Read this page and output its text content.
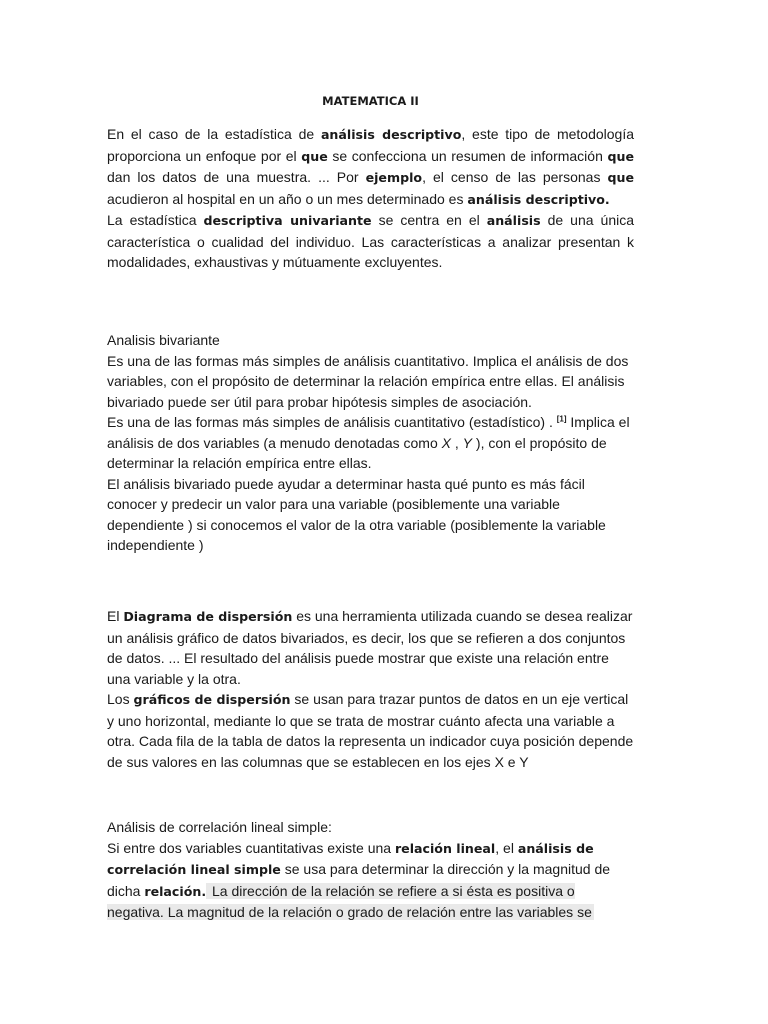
MATEMATICA II
En el caso de la estadística de análisis descriptivo, este tipo de metodología proporciona un enfoque por el que se confecciona un resumen de información que dan los datos de una muestra. ... Por ejemplo, el censo de las personas que acudieron al hospital en un año o un mes determinado es análisis descriptivo.
La estadística descriptiva univariante se centra en el análisis de una única característica o cualidad del individuo. Las características a analizar presentan k modalidades, exhaustivas y mútuamente excluyentes.
Analisis bivariante
Es una de las formas más simples de análisis cuantitativo. Implica el análisis de dos variables, con el propósito de determinar la relación empírica entre ellas. El análisis bivariado puede ser útil para probar hipótesis simples de asociación.
Es una de las formas más simples de análisis cuantitativo (estadístico) . [1] Implica el análisis de dos variables (a menudo denotadas como X , Y ), con el propósito de determinar la relación empírica entre ellas.
El análisis bivariado puede ayudar a determinar hasta qué punto es más fácil conocer y predecir un valor para una variable (posiblemente una variable dependiente ) si conocemos el valor de la otra variable (posiblemente la variable independiente )
El Diagrama de dispersión es una herramienta utilizada cuando se desea realizar un análisis gráfico de datos bivariados, es decir, los que se refieren a dos conjuntos de datos. ... El resultado del análisis puede mostrar que existe una relación entre una variable y la otra.
Los gráficos de dispersión se usan para trazar puntos de datos en un eje vertical y uno horizontal, mediante lo que se trata de mostrar cuánto afecta una variable a otra. Cada fila de la tabla de datos la representa un indicador cuya posición depende de sus valores en las columnas que se establecen en los ejes X e Y
Análisis de correlación lineal simple:
Si entre dos variables cuantitativas existe una relación lineal, el análisis de correlación lineal simple se usa para determinar la dirección y la magnitud de dicha relación. La dirección de la relación se refiere a si ésta es positiva o negativa. La magnitud de la relación o grado de relación entre las variables se
